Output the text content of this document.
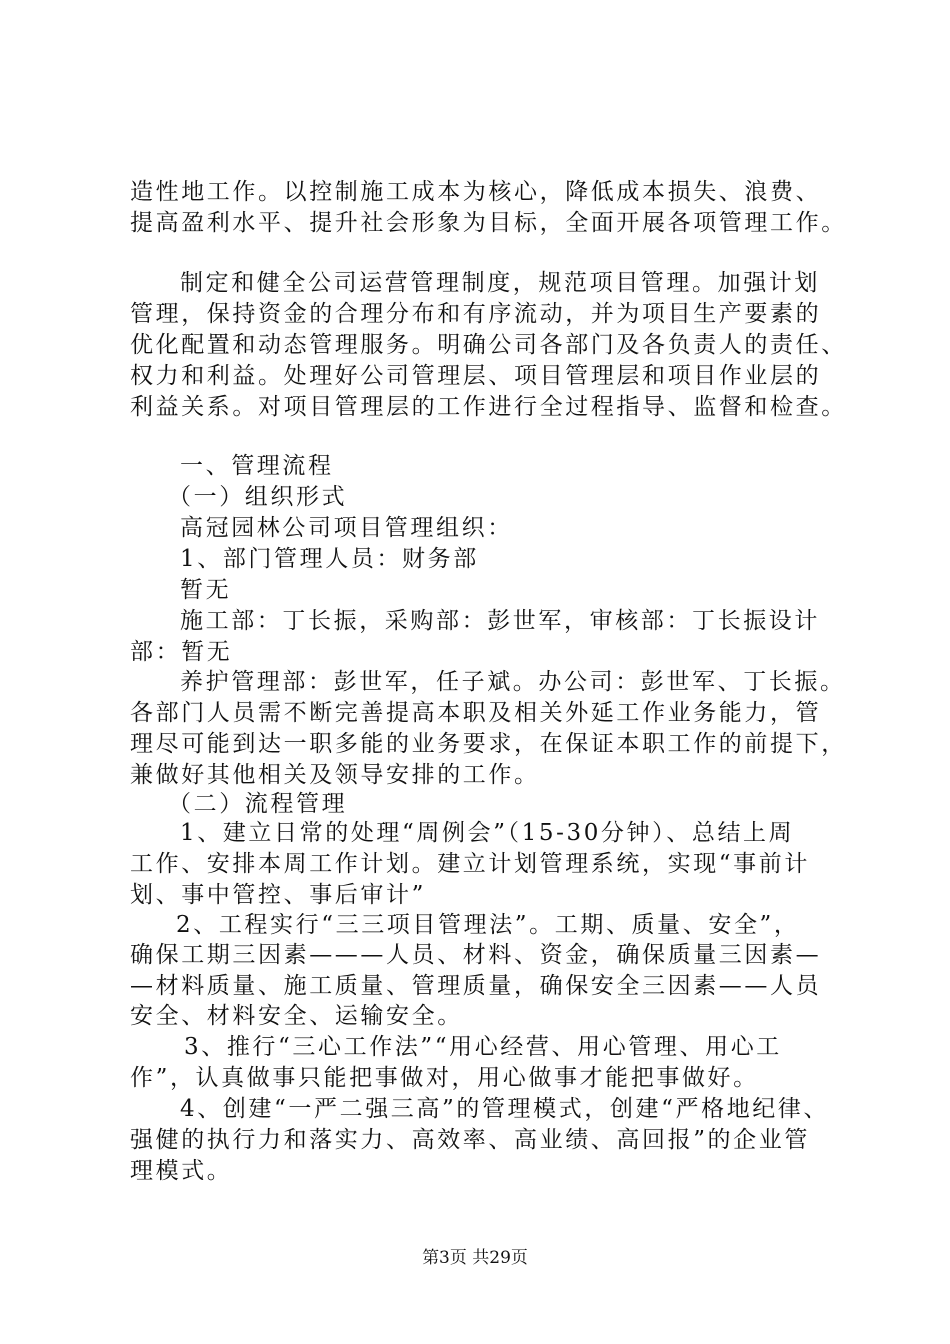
造性地工作。以控制施工成本为核心，降低成本损失、浪费、
提高盈利水平、提升社会形象为目标，全面开展各项管理工作。
制定和健全公司运营管理制度，规范项目管理。加强计划
管理，保持资金的合理分布和有序流动，并为项目生产要素的
优化配置和动态管理服务。明确公司各部门及各负责人的责任、
权力和利益。处理好公司管理层、项目管理层和项目作业层的
利益关系。对项目管理层的工作进行全过程指导、监督和检查。
一、管理流程
（一）组织形式
高冠园林公司项目管理组织：
1、部门管理人员：财务部
暂无
施工部：丁长振，采购部：彭世军，审核部：丁长振设计
部：暂无
养护管理部：彭世军，任子斌。办公司：彭世军、丁长振。
各部门人员需不断完善提高本职及相关外延工作业务能力，管
理尽可能到达一职多能的业务要求，在保证本职工作的前提下，
兼做好其他相关及领导安排的工作。
（二）流程管理
1、建立日常的处理“周例会”（15-30分钟）、总结上周
工作、安排本周工作计划。建立计划管理系统，实现“事前计
划、事中管控、事后审计”
2、工程实行“三三项目管理法”。工期、质量、安全”，
确保工期三因素———人员、材料、资金，确保质量三因素—
—材料质量、施工质量、管理质量，确保安全三因素——人员
安全、材料安全、运输安全。
3、推行“三心工作法”“用心经营、用心管理、用心工
作”，认真做事只能把事做对，用心做事才能把事做好。
4、创建“一严二强三高”的管理模式，创建“严格地纪律、
强健的执行力和落实力、高效率、高业绩、高回报”的企业管
理模式。
第3页 共29页
